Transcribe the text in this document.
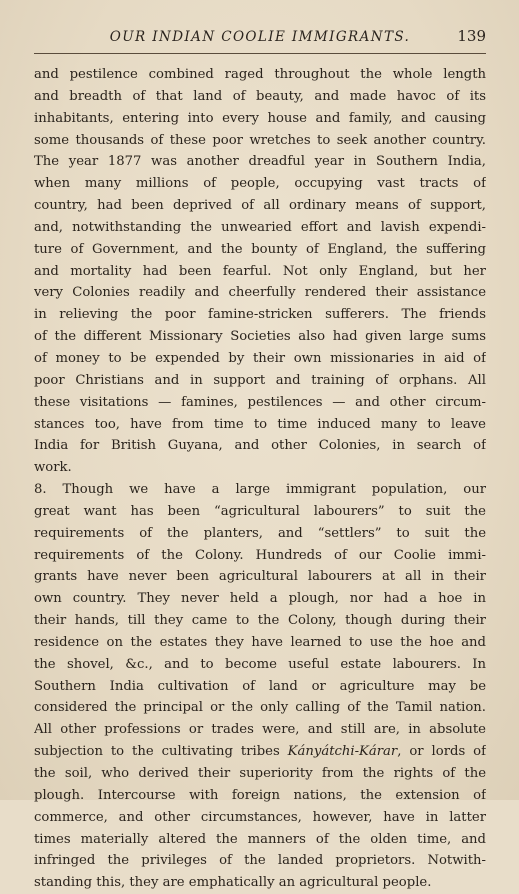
OUR INDIAN COOLIE IMMIGRANTS.	139
and pestilence combined raged throughout the whole length
and breadth of that land of beauty, and made havoc of its
inhabitants, entering into every house and family, and causing
some thousands of these poor wretches to seek another country.
The year 1877 was another dreadful year in Southern India,
when many millions of people, occupying vast tracts of
country, had been deprived of all ordinary means of support,
and, notwithstanding the unwearied effort and lavish expendi-
ture of Government, and the bounty of England, the suffering
and mortality had been fearful. Not only England, but her
very Colonies readily and cheerfully rendered their assistance
in relieving the poor famine-stricken sufferers. The friends
of the different Missionary Societies also had given large sums
of money to be expended by their own missionaries in aid of
poor Christians and in support and training of orphans. All
these visitations — famines, pestilences — and other circum-
stances too, have from time to time induced many to leave
India for British Guyana, and other Colonies, in search of
work.
8. Though we have a large immigrant population, our
great want has been “agricultural labourers” to suit the
requirements of the planters, and “settlers” to suit the
requirements of the Colony. Hundreds of our Coolie immi-
grants have never been agricultural labourers at all in their
own country. They never held a plough, nor had a hoe in
their hands, till they came to the Colony, though during their
residence on the estates they have learned to use the hoe and
the shovel, &c., and to become useful estate labourers. In
Southern India cultivation of land or agriculture may be
considered the principal or the only calling of the Tamil nation.
All other professions or trades were, and still are, in absolute
subjection to the cultivating tribes Kányátchi-Kárar, or lords of
the soil, who derived their superiority from the rights of the
plough. Intercourse with foreign nations, the extension of
commerce, and other circumstances, however, have in latter
times materially altered the manners of the olden time, and
infringed the privileges of the landed proprietors. Notwith-
standing this, they are emphatically an agricultural people.
